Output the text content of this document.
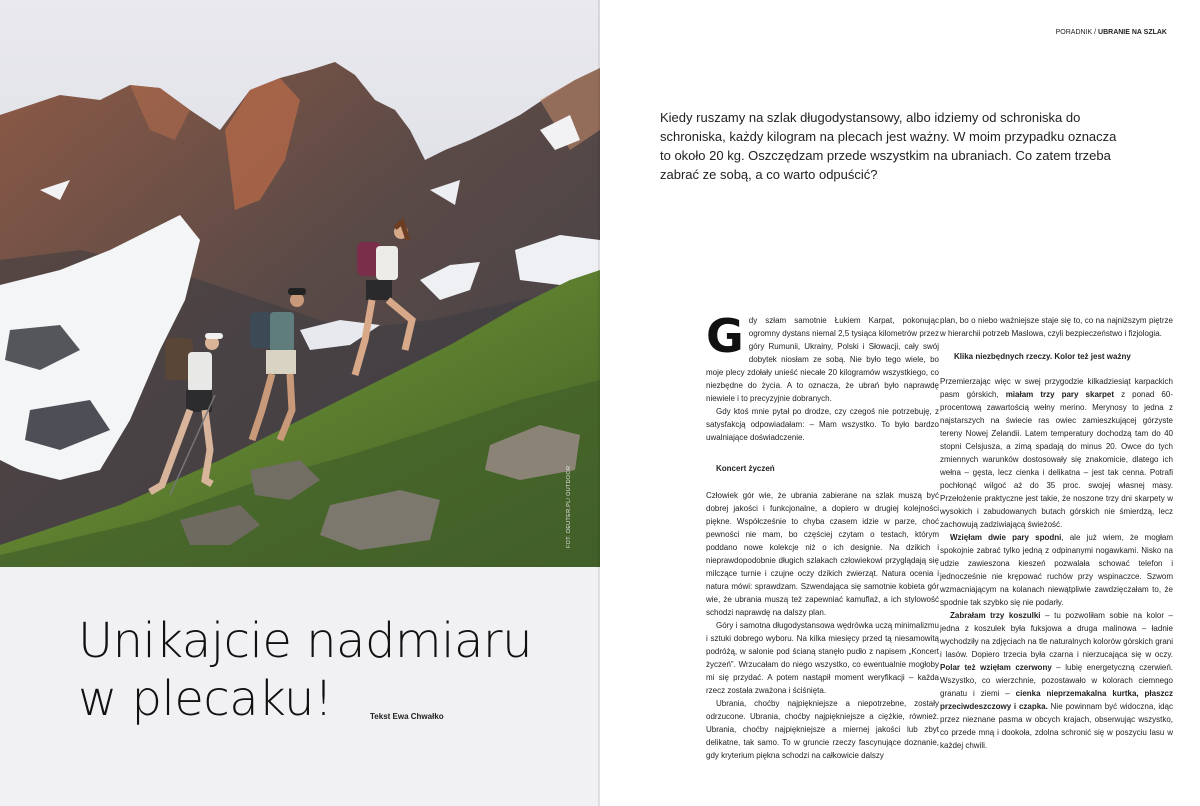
FOT. DEUTER.PL/ OUTDOOR
Unikajcie nadmiaru
w plecaku!	Tekst Ewa Chwałko
PORADNIK / UBRANIE NA SZLAK

Kiedy ruszamy na szlak długodystansowy, albo idziemy od schroniska do schroniska, każdy kilogram na plecach jest ważny. W moim przypadku oznacza to około 20 kg. Oszczędzam przede wszystkim na ubraniach. Co zatem trzeba zabrać ze sobą, a co warto odpuścić?

Gdy szłam samotnie Łukiem Karpat, pokonując ogromny dystans niemal 2,5 tysiąca kilometrów przez góry Rumunii, Ukrainy, Polski i Słowacji, cały swój dobytek niosłam ze sobą. Nie było tego wiele, bo moje plecy zdołały unieść niecałe 20 kilogramów wszystkiego, co niezbędne do życia. A to oznacza, że ubrań było naprawdę niewiele i to precyzyjnie dobranych.

Gdy ktoś mnie pytał po drodze, czy czegoś nie potrzebuję, z satysfakcją odpowiadałam: – Mam wszystko. To było bardzo uwalniające doświadczenie.

Koncert życzeń

Człowiek gór wie, że ubrania zabierane na szlak muszą być dobrej jakości i funkcjonalne, a dopiero w drugiej kolejności piękne. Współcześnie to chyba czasem idzie w parze, choć pewności nie mam, bo częściej czytam o testach, którym poddano nowe kolekcje niż o ich designie. Na dzikich i nieprawdopodobnie długich szlakach człowiekowi przyglądają się milczące turnie i czujne oczy dzikich zwierząt. Natura ocenia i natura mówi: sprawdzam. Szwendająca się samotnie kobieta gór wie, że ubrania muszą też zapewniać kamuflaż, a ich stylowość schodzi naprawdę na dalszy plan.

Góry i samotna długodystansowa wędrówka uczą minimalizmu i sztuki dobrego wyboru. Na kilka miesięcy przed tą niesamowitą podróżą, w salonie pod ścianą stanęło pudło z napisem „Koncert życzeń”. Wrzucałam do niego wszystko, co ewentualnie mogłoby mi się przydać. A potem nastąpił moment weryfikacji – każda rzecz została zważona i ściśnięta.

Ubrania, choćby najpiękniejsze a niepotrzebne, zostały odrzucone. Ubrania, choćby najpiękniejsze a ciężkie, również. Ubrania, choćby najpiękniejsze a miernej jakości lub zbyt delikatne, tak samo. To w gruncie rzeczy fascynujące doznanie, gdy kryterium piękna schodzi na całkowicie dalszy

plan, bo o niebo ważniejsze staje się to, co na najniższym piętrze w hierarchii potrzeb Maslowa, czyli bezpieczeństwo i fizjologia.

Klika niezbędnych rzeczy. Kolor też jest ważny

Przemierzając więc w swej przygodzie kilkadziesiąt karpackich pasm górskich, miałam trzy pary skarpet z ponad 60-procentową zawartością wełny merino. Merynosy to jedna z najstarszych na świecie ras owiec zamieszkującej górzyste tereny Nowej Zelandii. Latem temperatury dochodzą tam do 40 stopni Celsjusza, a zimą spadają do minus 20. Owce do tych zmiennych warunków dostosowały się znakomicie, dlatego ich wełna – gęsta, lecz cienka i delikatna – jest tak cenna. Potrafi pochłonąć wilgoć aż do 35 proc. swojej własnej masy. Przełożenie praktyczne jest takie, że noszone trzy dni skarpety w wysokich i zabudowanych butach górskich nie śmierdzą, lecz zachowują zadziwiającą świeżość.

Wzięłam dwie pary spodni, ale już wiem, że mogłam spokojnie zabrać tylko jedną z odpinanymi nogawkami. Nisko na udzie zawieszona kieszeń pozwalała schować telefon i jednocześnie nie krępować ruchów przy wspinaczce. Szwom wzmacniającym na kolanach niewątpliwie zawdzięczałam to, że spodnie tak szybko się nie podarły.

Zabrałam trzy koszulki – tu pozwoliłam sobie na kolor – jedna z koszulek była fuksjowa a druga malinowa – ładnie wychodziły na zdjęciach na tle naturalnych kolorów górskich grani i lasów. Dopiero trzecia była czarna i nierzucająca się w oczy. Polar też wzięłam czerwony – lubię energetyczną czerwień. Wszystko, co wierzchnie, pozostawało w kolorach ciemnego granatu i ziemi – cienka nieprzemakalna kurtka, płaszcz przeciwdeszczowy i czapka. Nie powinnam być widoczna, idąc przez nieznane pasma w obcych krajach, obserwując wszystko, co przede mną i dookoła, zdolna schronić się w poszyciu lasu w każdej chwili.
